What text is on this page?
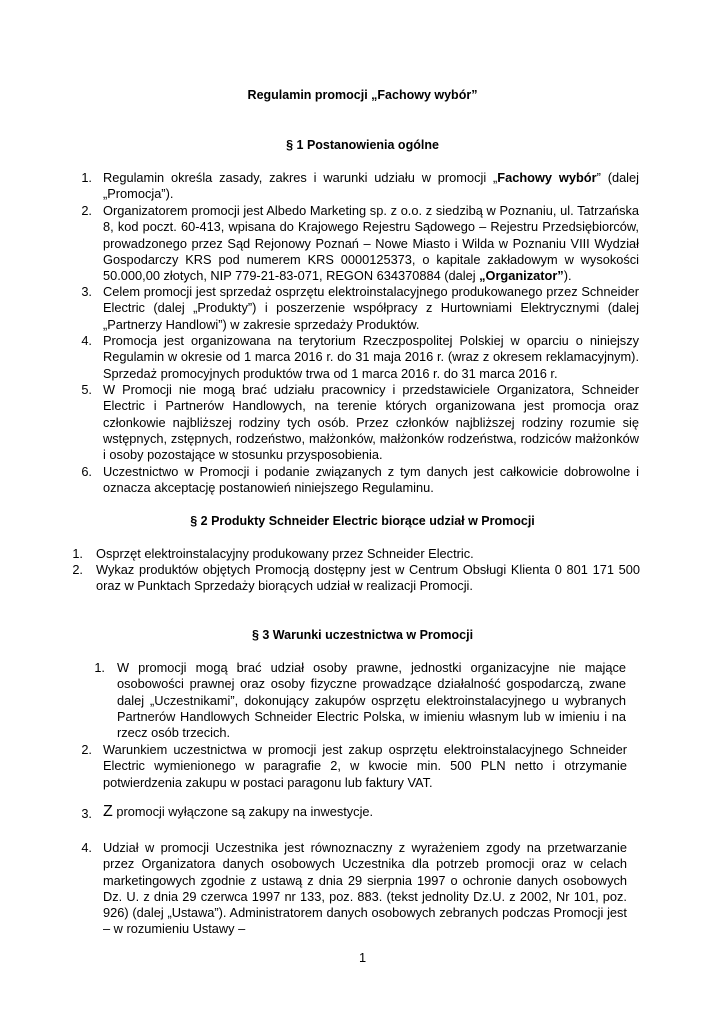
Regulamin promocji „Fachowy wybór”
§ 1 Postanowienia ogólne
1. Regulamin określa zasady, zakres i warunki udziału w promocji „Fachowy wybór” (dalej „Promocja”).
2. Organizatorem promocji jest Albedo Marketing sp. z o.o. z siedzibą w Poznaniu, ul. Tatrzańska 8, kod poczt. 60-413, wpisana do Krajowego Rejestru Sądowego – Rejestru Przedsiębiorców, prowadzonego przez Sąd Rejonowy Poznań – Nowe Miasto i Wilda w Poznaniu VIII Wydział Gospodarczy KRS pod numerem KRS 0000125373, o kapitale zakładowym w wysokości 50.000,00 złotych, NIP 779-21-83-071, REGON 634370884 (dalej „Organizator”).
3. Celem promocji jest sprzedaż osprzętu elektroinstalacyjnego produkowanego przez Schneider Electric (dalej „Produkty”) i poszerzenie współpracy z Hurtowniami Elektrycznymi (dalej „Partnerzy Handlowi”) w zakresie sprzedaży Produktów.
4. Promocja jest organizowana na terytorium Rzeczpospolitej Polskiej w oparciu o niniejszy Regulamin w okresie od 1 marca 2016 r. do 31 maja 2016 r. (wraz z okresem reklamacyjnym). Sprzedaż promocyjnych produktów trwa od 1 marca 2016 r. do 31 marca 2016 r.
5. W Promocji nie mogą brać udziału pracownicy i przedstawiciele Organizatora, Schneider Electric i Partnerów Handlowych, na terenie których organizowana jest promocja oraz członkowie najbliższej rodziny tych osób. Przez członków najbliższej rodziny rozumie się wstępnych, zstępnych, rodzeństwo, małżonków, małżonków rodzeństwa, rodziców małżonków i osoby pozostające w stosunku przysposobienia.
6. Uczestnictwo w Promocji i podanie związanych z tym danych jest całkowicie dobrowolne i oznacza akceptację postanowień niniejszego Regulaminu.
§ 2 Produkty Schneider Electric biorące udział w Promocji
1. Osprzęt elektroinstalacyjny produkowany przez Schneider Electric.
2. Wykaz produktów objętych Promocją dostępny jest w Centrum Obsługi Klienta 0 801 171 500 oraz w Punktach Sprzedaży biorących udział w realizacji Promocji.
§ 3 Warunki uczestnictwa w Promocji
1. W promocji mogą brać udział osoby prawne, jednostki organizacyjne nie mające osobowości prawnej oraz osoby fizyczne prowadzące działalność gospodarczą, zwane dalej „Uczestnikami”, dokonujący zakupów osprzętu elektroinstalacyjnego u wybranych Partnerów Handlowych Schneider Electric Polska, w imieniu własnym lub w imieniu i na rzecz osób trzecich.
2. Warunkiem uczestnictwa w promocji jest zakup osprzętu elektroinstalacyjnego Schneider Electric wymienionego w paragrafie 2, w kwocie min. 500 PLN netto i otrzymanie potwierdzenia zakupu w postaci paragonu lub faktury VAT.
3. Z promocji wyłączone są zakupy na inwestycje.
4. Udział w promocji Uczestnika jest równoznaczny z wyrażeniem zgody na przetwarzanie przez Organizatora danych osobowych Uczestnika dla potrzeb promocji oraz w celach marketingowych zgodnie z ustawą z dnia 29 sierpnia 1997 o ochronie danych osobowych Dz. U. z dnia 29 czerwca 1997 nr 133, poz. 883. (tekst jednolity Dz.U. z 2002, Nr 101, poz. 926) (dalej „Ustawa”). Administratorem danych osobowych zebranych podczas Promocji jest – w rozumieniu Ustawy –
1
